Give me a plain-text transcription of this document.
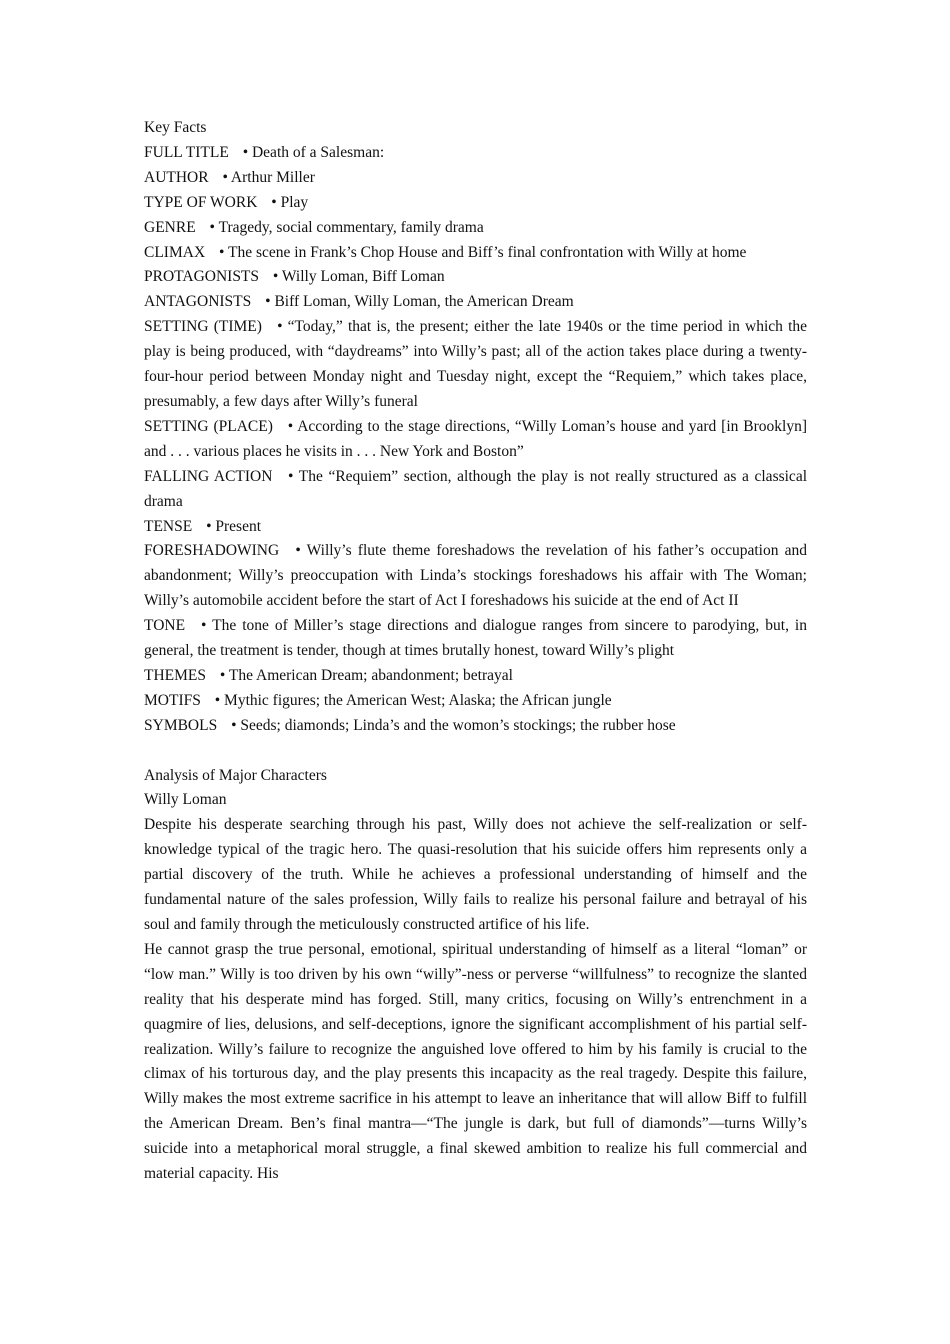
Key Facts

FULL TITLE • Death of a Salesman:

AUTHOR • Arthur Miller

TYPE OF WORK • Play

GENRE • Tragedy, social commentary, family drama

CLIMAX • The scene in Frank’s Chop House and Biff’s final confrontation with Willy at home

PROTAGONISTS • Willy Loman, Biff Loman

ANTAGONISTS • Biff Loman, Willy Loman, the American Dream

SETTING (TIME) • “Today,” that is, the present; either the late 1940s or the time period in which the play is being produced, with “daydreams” into Willy’s past; all of the action takes place during a twenty-four-hour period between Monday night and Tuesday night, except the “Requiem,” which takes place, presumably, a few days after Willy’s funeral

SETTING (PLACE) • According to the stage directions, “Willy Loman’s house and yard [in Brooklyn] and . . . various places he visits in . . . New York and Boston”

FALLING ACTION • The “Requiem” section, although the play is not really structured as a classical drama

TENSE • Present

FORESHADOWING • Willy’s flute theme foreshadows the revelation of his father’s occupation and abandonment; Willy’s preoccupation with Linda’s stockings foreshadows his affair with The Woman; Willy’s automobile accident before the start of Act I foreshadows his suicide at the end of Act II

TONE • The tone of Miller’s stage directions and dialogue ranges from sincere to parodying, but, in general, the treatment is tender, though at times brutally honest, toward Willy’s plight

THEMES • The American Dream; abandonment; betrayal

MOTIFS • Mythic figures; the American West; Alaska; the African jungle

SYMBOLS • Seeds; diamonds; Linda’s and the womon’s stockings; the rubber hose

Analysis of Major Characters

Willy Loman

Despite his desperate searching through his past, Willy does not achieve the self-realization or self-knowledge typical of the tragic hero. The quasi-resolution that his suicide offers him represents only a partial discovery of the truth. While he achieves a professional understanding of himself and the fundamental nature of the sales profession, Willy fails to realize his personal failure and betrayal of his soul and family through the meticulously constructed artifice of his life.

He cannot grasp the true personal, emotional, spiritual understanding of himself as a literal “loman” or “low man.” Willy is too driven by his own “willy”-ness or perverse “willfulness” to recognize the slanted reality that his desperate mind has forged. Still, many critics, focusing on Willy’s entrenchment in a quagmire of lies, delusions, and self-deceptions, ignore the significant accomplishment of his partial self-realization. Willy’s failure to recognize the anguished love offered to him by his family is crucial to the climax of his torturous day, and the play presents this incapacity as the real tragedy. Despite this failure, Willy makes the most extreme sacrifice in his attempt to leave an inheritance that will allow Biff to fulfill the American Dream. Ben’s final mantra—“The jungle is dark, but full of diamonds”—turns Willy’s suicide into a metaphorical moral struggle, a final skewed ambition to realize his full commercial and material capacity. His
